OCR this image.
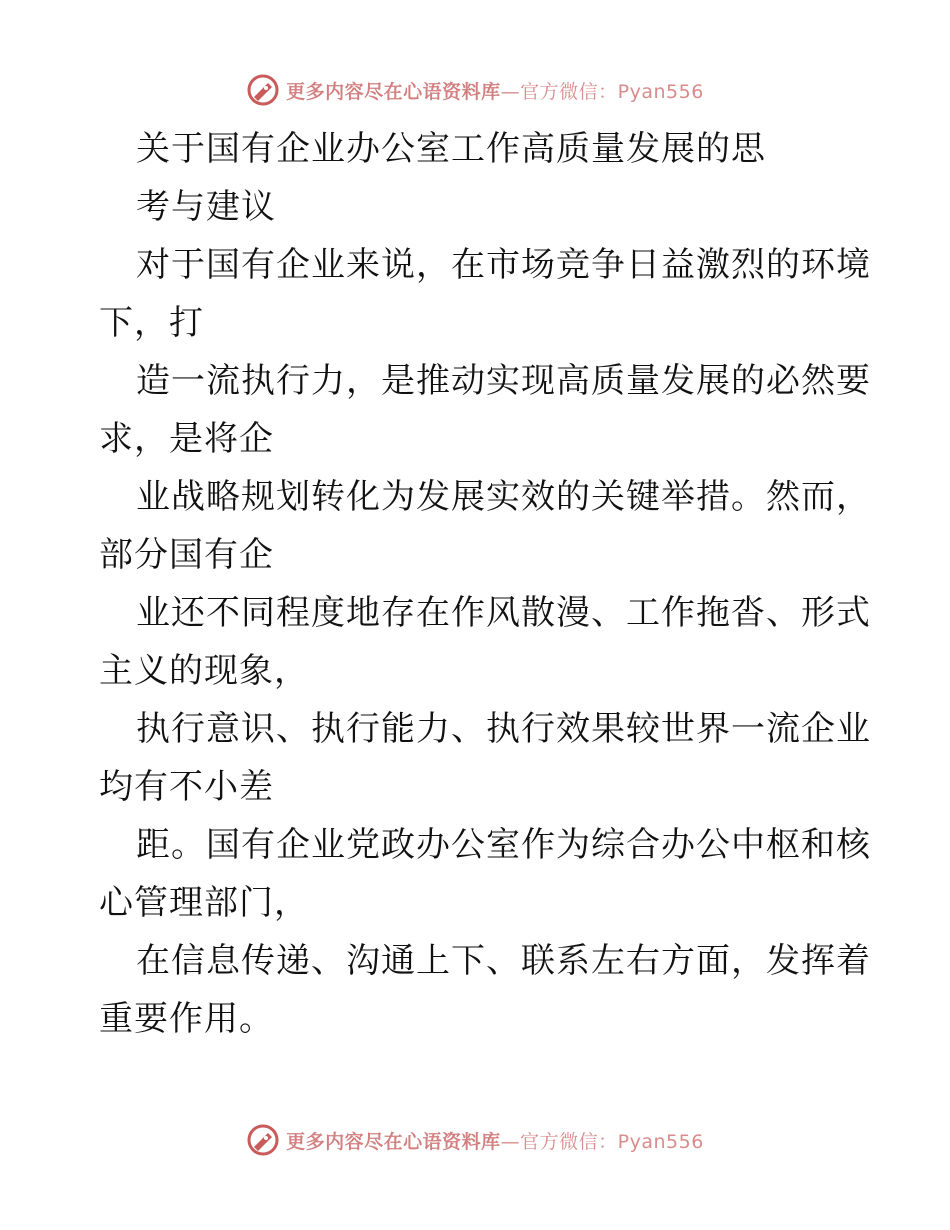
更多内容尽在心语资料库—官方微信：Pyan556
关于国有企业办公室工作高质量发展的思
考与建议
对于国有企业来说，在市场竞争日益激烈的环境
下，打
造一流执行力，是推动实现高质量发展的必然要
求，是将企
业战略规划转化为发展实效的关键举措。然而，
部分国有企
业还不同程度地存在作风散漫、工作拖沓、形式
主义的现象，
执行意识、执行能力、执行效果较世界一流企业
均有不小差
距。国有企业党政办公室作为综合办公中枢和核
心管理部门，
在信息传递、沟通上下、联系左右方面，发挥着
重要作用。
更多内容尽在心语资料库—官方微信：Pyan556
